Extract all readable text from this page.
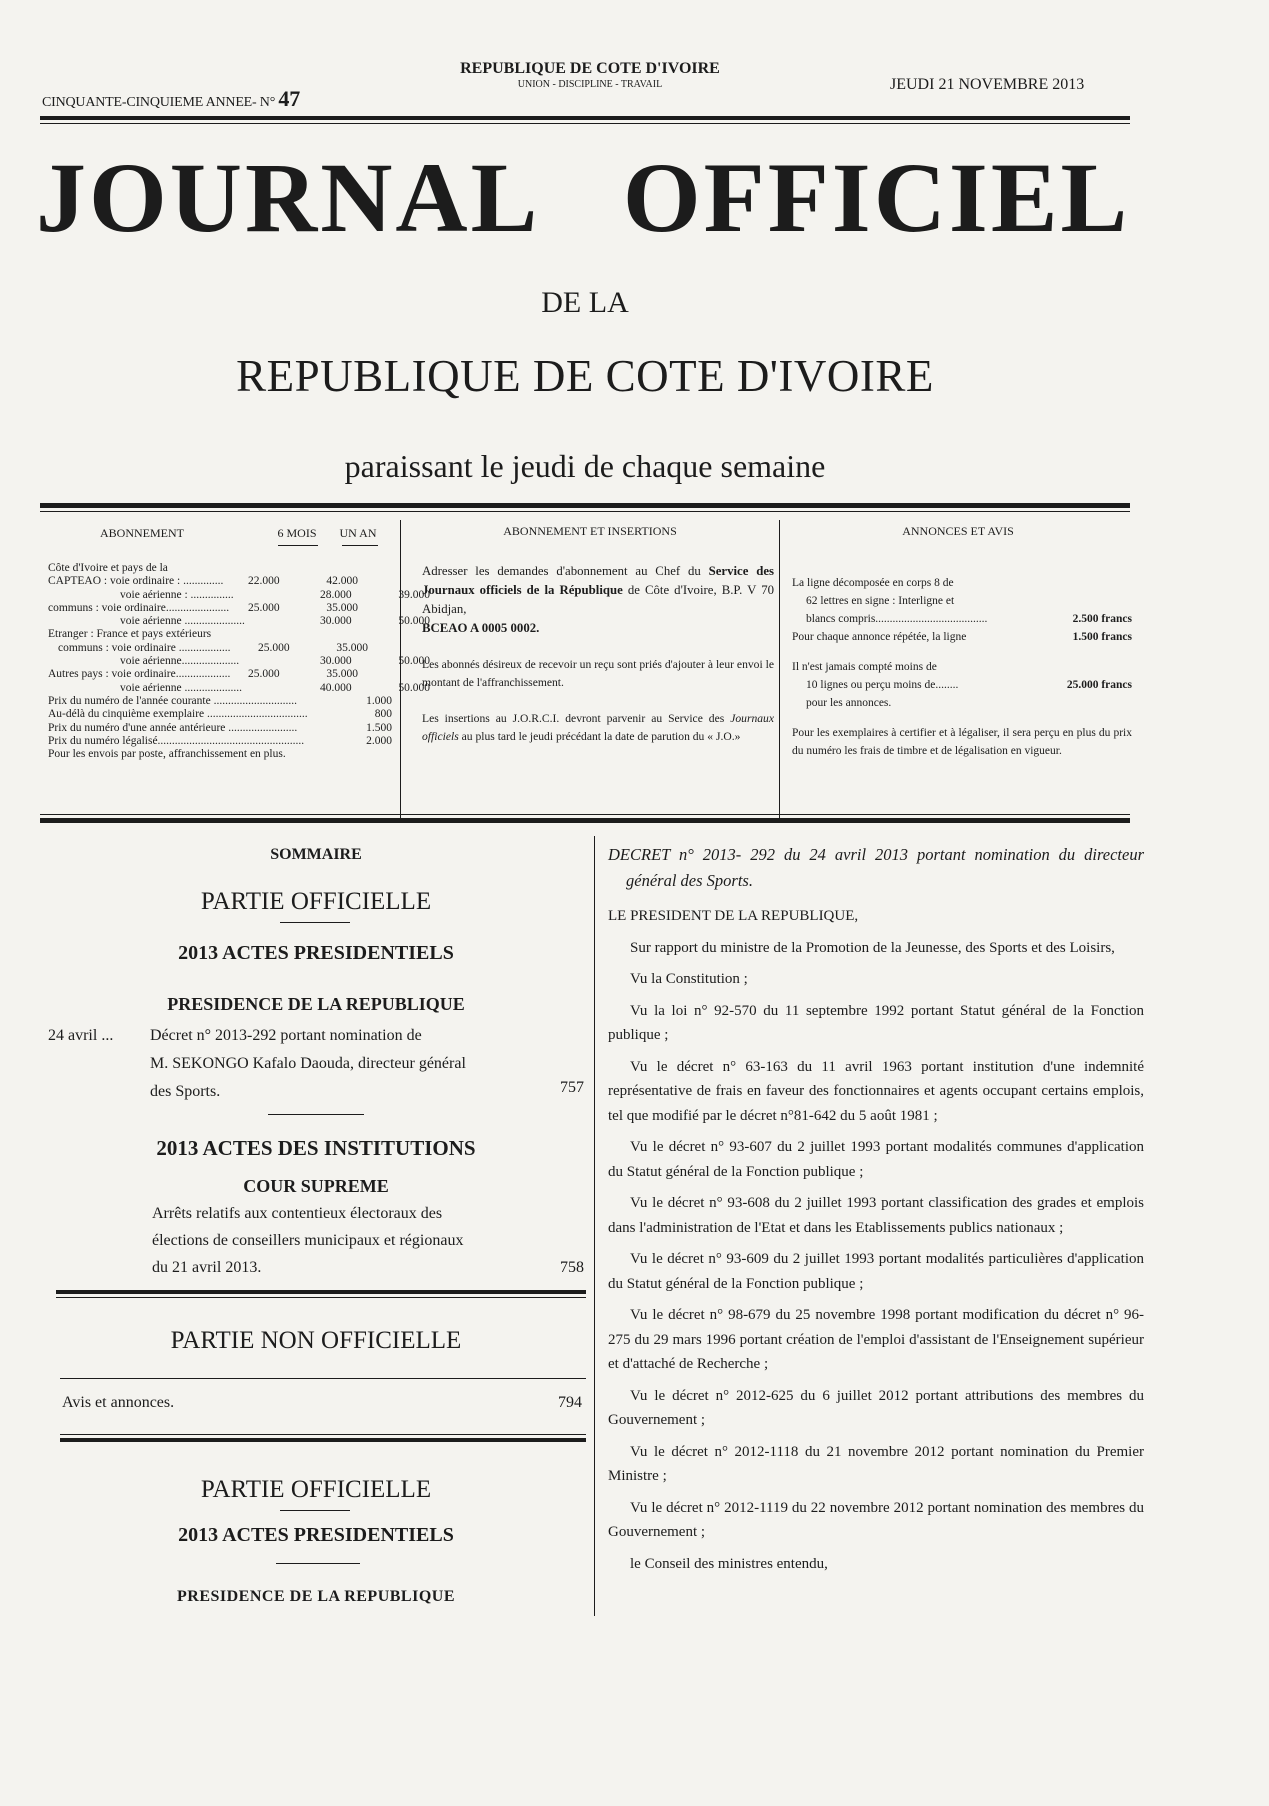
CINQUANTE-CINQUIEME ANNEE- N° 47
REPUBLIQUE DE COTE D'IVOIRE
UNION - DISCIPLINE - TRAVAIL	JEUDI 21 NOVEMBRE 2013
JOURNAL OFFICIEL
DE LA
REPUBLIQUE DE COTE D'IVOIRE
paraissant le jeudi de chaque semaine
ABONNEMENT	6 MOIS	UN AN
Côte d'Ivoire et pays de la
CAPTEAO : voie ordinaire : ..............	22.000	42.000
voie aérienne : ...............	28.000	39.000
communs : voie ordinaire......................	25.000	35.000
voie aérienne .....................	30.000	50.000
Etranger : France et pays extérieurs
communs : voie ordinaire ..................	25.000	35.000
voie aérienne....................	30.000	50.000
Autres pays : voie ordinaire...................	25.000	35.000
voie aérienne ....................	40.000	50.000
Prix du numéro de l'année courante .............................	1.000
Au-délà du cinquième exemplaire ...................................	800
Prix du numéro d'une année antérieure ........................	1.500
Prix du numéro légalisé...................................................	2.000
Pour les envois par poste, affranchissement en plus.
ABONNEMENT ET INSERTIONS

Adresser les demandes d'abonnement au Chef du Service des Journaux officiels de la République de Côte d'Ivoire, B.P. V 70 Abidjan,
BCEAO A 0005 0002.

Les abonnés désireux de recevoir un reçu sont priés d'ajouter à leur envoi le montant de l'affranchissement.

Les insertions au J.O.R.C.I. devront parvenir au Service des Journaux officiels au plus tard le jeudi précédant la date de parution du « J.O.»

ANNONCES ET AVIS

La ligne décomposée en corps 8 de
62 lettres en signe : Interligne et
blancs compris.......................................	2.500 francs
Pour chaque annonce répétée, la ligne	1.500 francs

Il n'est jamais compté moins de
10 lignes ou perçu moins de........	25.000 francs
pour les annonces.

Pour les exemplaires à certifier et à légaliser, il sera perçu en plus du prix du numéro les frais de timbre et de légalisation en vigueur.

SOMMAIRE
PARTIE OFFICIELLE
2013 ACTES PRESIDENTIELS
PRESIDENCE DE LA REPUBLIQUE
24 avril ...	Décret n° 2013-292 portant nomination de
M. SEKONGO Kafalo Daouda, directeur général
des Sports.	757
2013 ACTES DES INSTITUTIONS
COUR SUPREME
Arrêts relatifs aux contentieux électoraux des
élections de conseillers municipaux et régionaux
du 21 avril 2013.	758
PARTIE NON OFFICIELLE
Avis et annonces.	794
PARTIE OFFICIELLE
2013 ACTES PRESIDENTIELS
PRESIDENCE DE LA REPUBLIQUE

DECRET n° 2013- 292 du 24 avril 2013 portant nomination du directeur général des Sports.

LE PRESIDENT DE LA REPUBLIQUE,

Sur rapport du ministre de la Promotion de la Jeunesse, des Sports et des Loisirs,

Vu la Constitution ;

Vu la loi n° 92-570 du 11 septembre 1992 portant Statut général de la Fonction publique ;

Vu le décret n° 63-163 du 11 avril 1963 portant institution d'une indemnité représentative de frais en faveur des fonctionnaires et agents occupant certains emplois, tel que modifié par le décret n°81-642 du 5 août 1981 ;

Vu le décret n° 93-607 du 2 juillet 1993 portant modalités communes d'application du Statut général de la Fonction publique ;

Vu le décret n° 93-608 du 2 juillet 1993 portant classification des grades et emplois dans l'administration de l'Etat et dans les Etablissements publics nationaux ;

Vu le décret n° 93-609 du 2 juillet 1993 portant modalités particulières d'application du Statut général de la Fonction publique ;

Vu le décret n° 98-679 du 25 novembre 1998 portant modification du décret n° 96-275 du 29 mars 1996 portant création de l'emploi d'assistant de l'Enseignement supérieur et d'attaché de Recherche ;

Vu le décret n° 2012-625 du 6 juillet 2012 portant attributions des membres du Gouvernement ;

Vu le décret n° 2012-1118 du 21 novembre 2012 portant nomination du Premier Ministre ;

Vu le décret n° 2012-1119 du 22 novembre 2012 portant nomination des membres du Gouvernement ;

le Conseil des ministres entendu,
